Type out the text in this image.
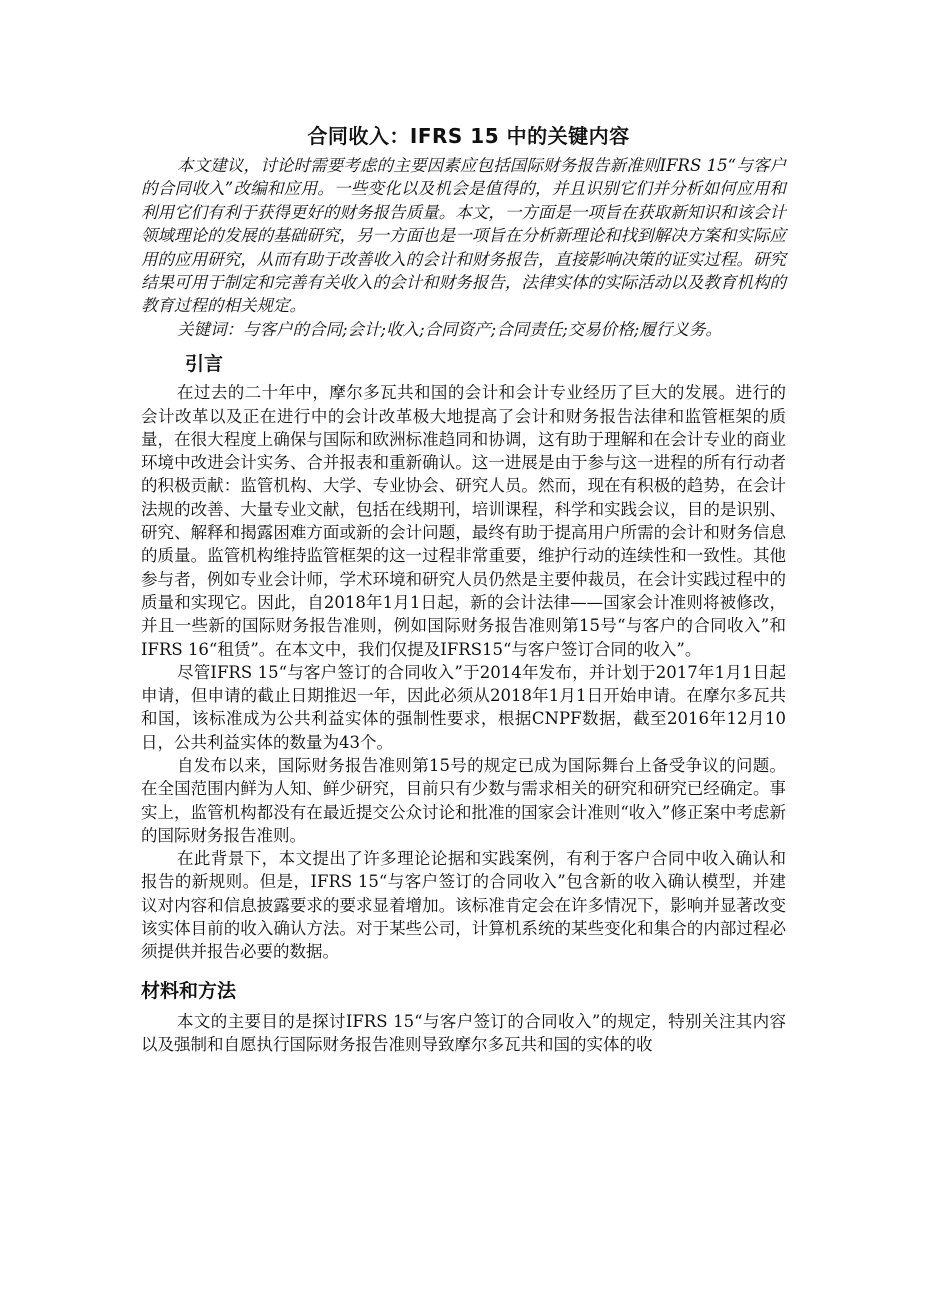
合同收入：IFRS 15 中的关键内容

本文建议，讨论时需要考虑的主要因素应包括国际财务报告新准则IFRS 15“与客户的合同收入”改编和应用。一些变化以及机会是值得的，并且识别它们并分析如何应用和利用它们有利于获得更好的财务报告质量。本文，一方面是一项旨在获取新知识和该会计领域理论的发展的基础研究，另一方面也是一项旨在分析新理论和找到解决方案和实际应用的应用研究，从而有助于改善收入的会计和财务报告，直接影响决策的证实过程。研究结果可用于制定和完善有关收入的会计和财务报告，法律实体的实际活动以及教育机构的教育过程的相关规定。

关键词：与客户的合同;会计;收入;合同资产;合同责任;交易价格;履行义务。

引言

在过去的二十年中，摩尔多瓦共和国的会计和会计专业经历了巨大的发展。进行的会计改革以及正在进行中的会计改革极大地提高了会计和财务报告法律和监管框架的质量，在很大程度上确保与国际和欧洲标准趋同和协调，这有助于理解和在会计专业的商业环境中改进会计实务、合并报表和重新确认。这一进展是由于参与这一进程的所有行动者的积极贡献：监管机构、大学、专业协会、研究人员。然而，现在有积极的趋势，在会计法规的改善、大量专业文献，包括在线期刊，培训课程，科学和实践会议，目的是识别、研究、解释和揭露困难方面或新的会计问题，最终有助于提高用户所需的会计和财务信息的质量。监管机构维持监管框架的这一过程非常重要，维护行动的连续性和一致性。其他参与者，例如专业会计师，学术环境和研究人员仍然是主要仲裁员，在会计实践过程中的质量和实现它。因此，自2018年1月1日起，新的会计法律——国家会计准则将被修改，并且一些新的国际财务报告准则，例如国际财务报告准则第15号“与客户的合同收入”和IFRS 16“租赁”。在本文中，我们仅提及IFRS15“与客户签订合同的收入”。

尽管IFRS 15“与客户签订的合同收入”于2014年发布，并计划于2017年1月1日起申请，但申请的截止日期推迟一年，因此必须从2018年1月1日开始申请。在摩尔多瓦共和国，该标准成为公共利益实体的强制性要求，根据CNPF数据，截至2016年12月10日，公共利益实体的数量为43个。

自发布以来，国际财务报告准则第15号的规定已成为国际舞台上备受争议的问题。在全国范围内鲜为人知、鲜少研究，目前只有少数与需求相关的研究和研究已经确定。事实上，监管机构都没有在最近提交公众讨论和批准的国家会计准则“收入”修正案中考虑新的国际财务报告准则。

在此背景下，本文提出了许多理论论据和实践案例，有利于客户合同中收入确认和报告的新规则。但是，IFRS 15“与客户签订的合同收入”包含新的收入确认模型，并建议对内容和信息披露要求的要求显着增加。该标准肯定会在许多情况下，影响并显著改变该实体目前的收入确认方法。对于某些公司，计算机系统的某些变化和集合的内部过程必须提供并报告必要的数据。

材料和方法

本文的主要目的是探讨IFRS 15“与客户签订的合同收入”的规定，特别关注其内容以及强制和自愿执行国际财务报告准则导致摩尔多瓦共和国的实体的收
